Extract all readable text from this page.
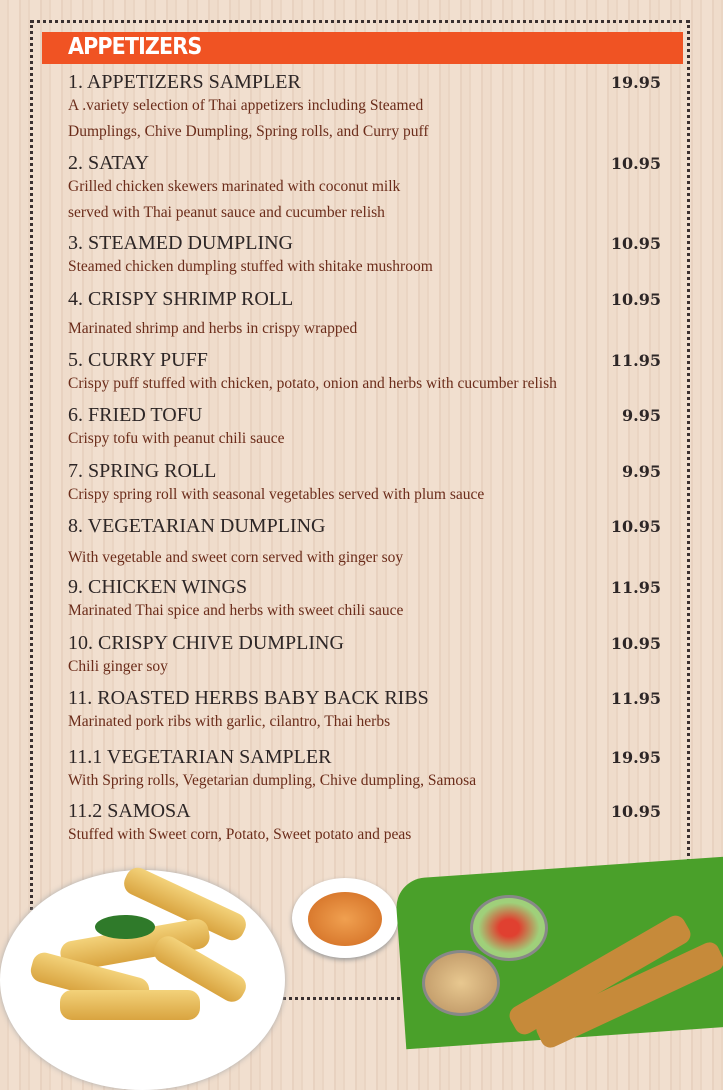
APPETIZERS
1. APPETIZERS SAMPLER	19.95
A .variety selection of Thai appetizers including Steamed
Dumplings, Chive Dumpling, Spring rolls, and Curry puff
2. SATAY	10.95
Grilled chicken skewers marinated with coconut milk
served with Thai peanut sauce and cucumber relish
3. STEAMED DUMPLING	10.95
Steamed chicken dumpling stuffed with shitake mushroom
4. CRISPY SHRIMP ROLL	10.95
Marinated shrimp and herbs in crispy wrapped
5. CURRY PUFF	11.95
Crispy puff stuffed with chicken, potato, onion and herbs with cucumber relish
6. FRIED TOFU	9.95
Crispy tofu with peanut chili sauce
7. SPRING ROLL	9.95
Crispy spring roll with seasonal vegetables served with plum sauce
8. VEGETARIAN DUMPLING	10.95
With vegetable and sweet corn served with ginger soy
9. CHICKEN WINGS	11.95
Marinated Thai spice and herbs with sweet chili sauce
10. CRISPY CHIVE DUMPLING	10.95
Chili ginger soy
11. ROASTED HERBS BABY BACK RIBS	11.95
Marinated pork ribs with garlic, cilantro, Thai herbs
11.1 VEGETARIAN SAMPLER	19.95
With Spring rolls, Vegetarian dumpling, Chive dumpling, Samosa
11.2 SAMOSA	10.95
Stuffed with Sweet corn, Potato, Sweet potato and peas
